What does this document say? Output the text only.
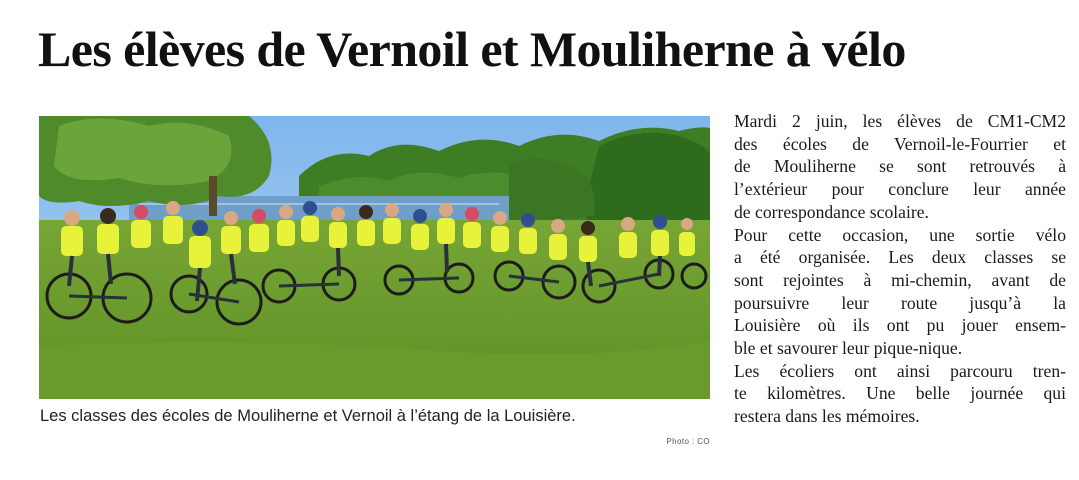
Les élèves de Vernoil et Mouliherne à vélo
Les classes des écoles de Mouliherne et Vernoil à l’étang de la Louisière.
Photo : CO
Mardi 2 juin, les élèves de CM1-CM2
des écoles de Vernoil-le-Fourrier et
de Mouliherne se sont retrouvés à
l’extérieur pour conclure leur année
de correspondance scolaire.
Pour cette occasion, une sortie vélo
a été organisée. Les deux classes se
sont rejointes à mi-chemin, avant de
poursuivre leur route jusqu’à la
Louisière où ils ont pu jouer ensem-
ble et savourer leur pique-nique.
Les écoliers ont ainsi parcouru tren-
te kilomètres. Une belle journée qui
restera dans les mémoires.
